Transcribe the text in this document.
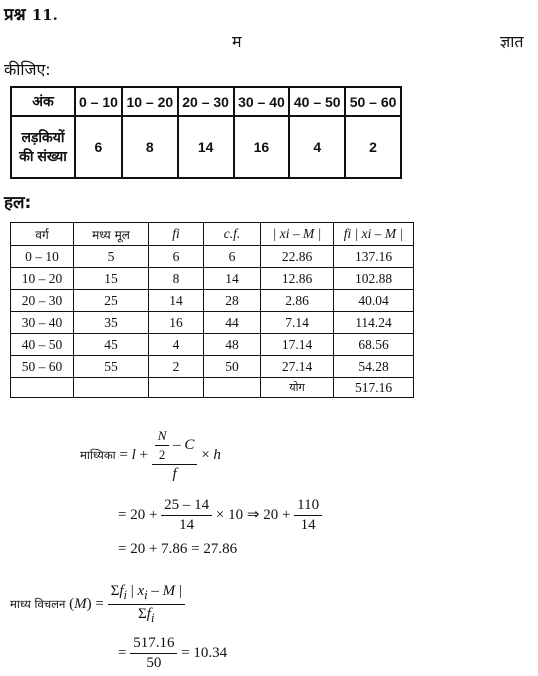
प्रश्न 11.
म	ज्ञात
कीजिए:
अंक	0 – 10	10 – 20	20 – 30	30 – 40	40 – 50	50 – 60
लड़कियों
की संख्या	6	8	14	16	4	2
हल:
वर्ग	मध्य मूल	fi	c.f.	| xi – M |	fi | xi – M |
0 – 10	5	6	6	22.86	137.16
10 – 20	15	8	14	12.86	102.88
20 – 30	25	14	28	2.86	40.04
30 – 40	35	16	44	7.14	114.24
40 – 50	45	4	48	17.14	68.56
50 – 60	55	2	50	27.14	54.28
				योग	517.16
माध्यिका = $l + \frac{\frac{N}{2} - C}{f} \times h$
= $20 + \frac{25 - 14}{14} \times 10$ ⇒ $20 + \frac{110}{14}$
= 20 + 7.86 = 27.86
माध्य विचलन $(M) = \frac{\Sigma f_i | x_i - M |}{\Sigma f_i}$
= $\frac{517.16}{50} = 10.34$
